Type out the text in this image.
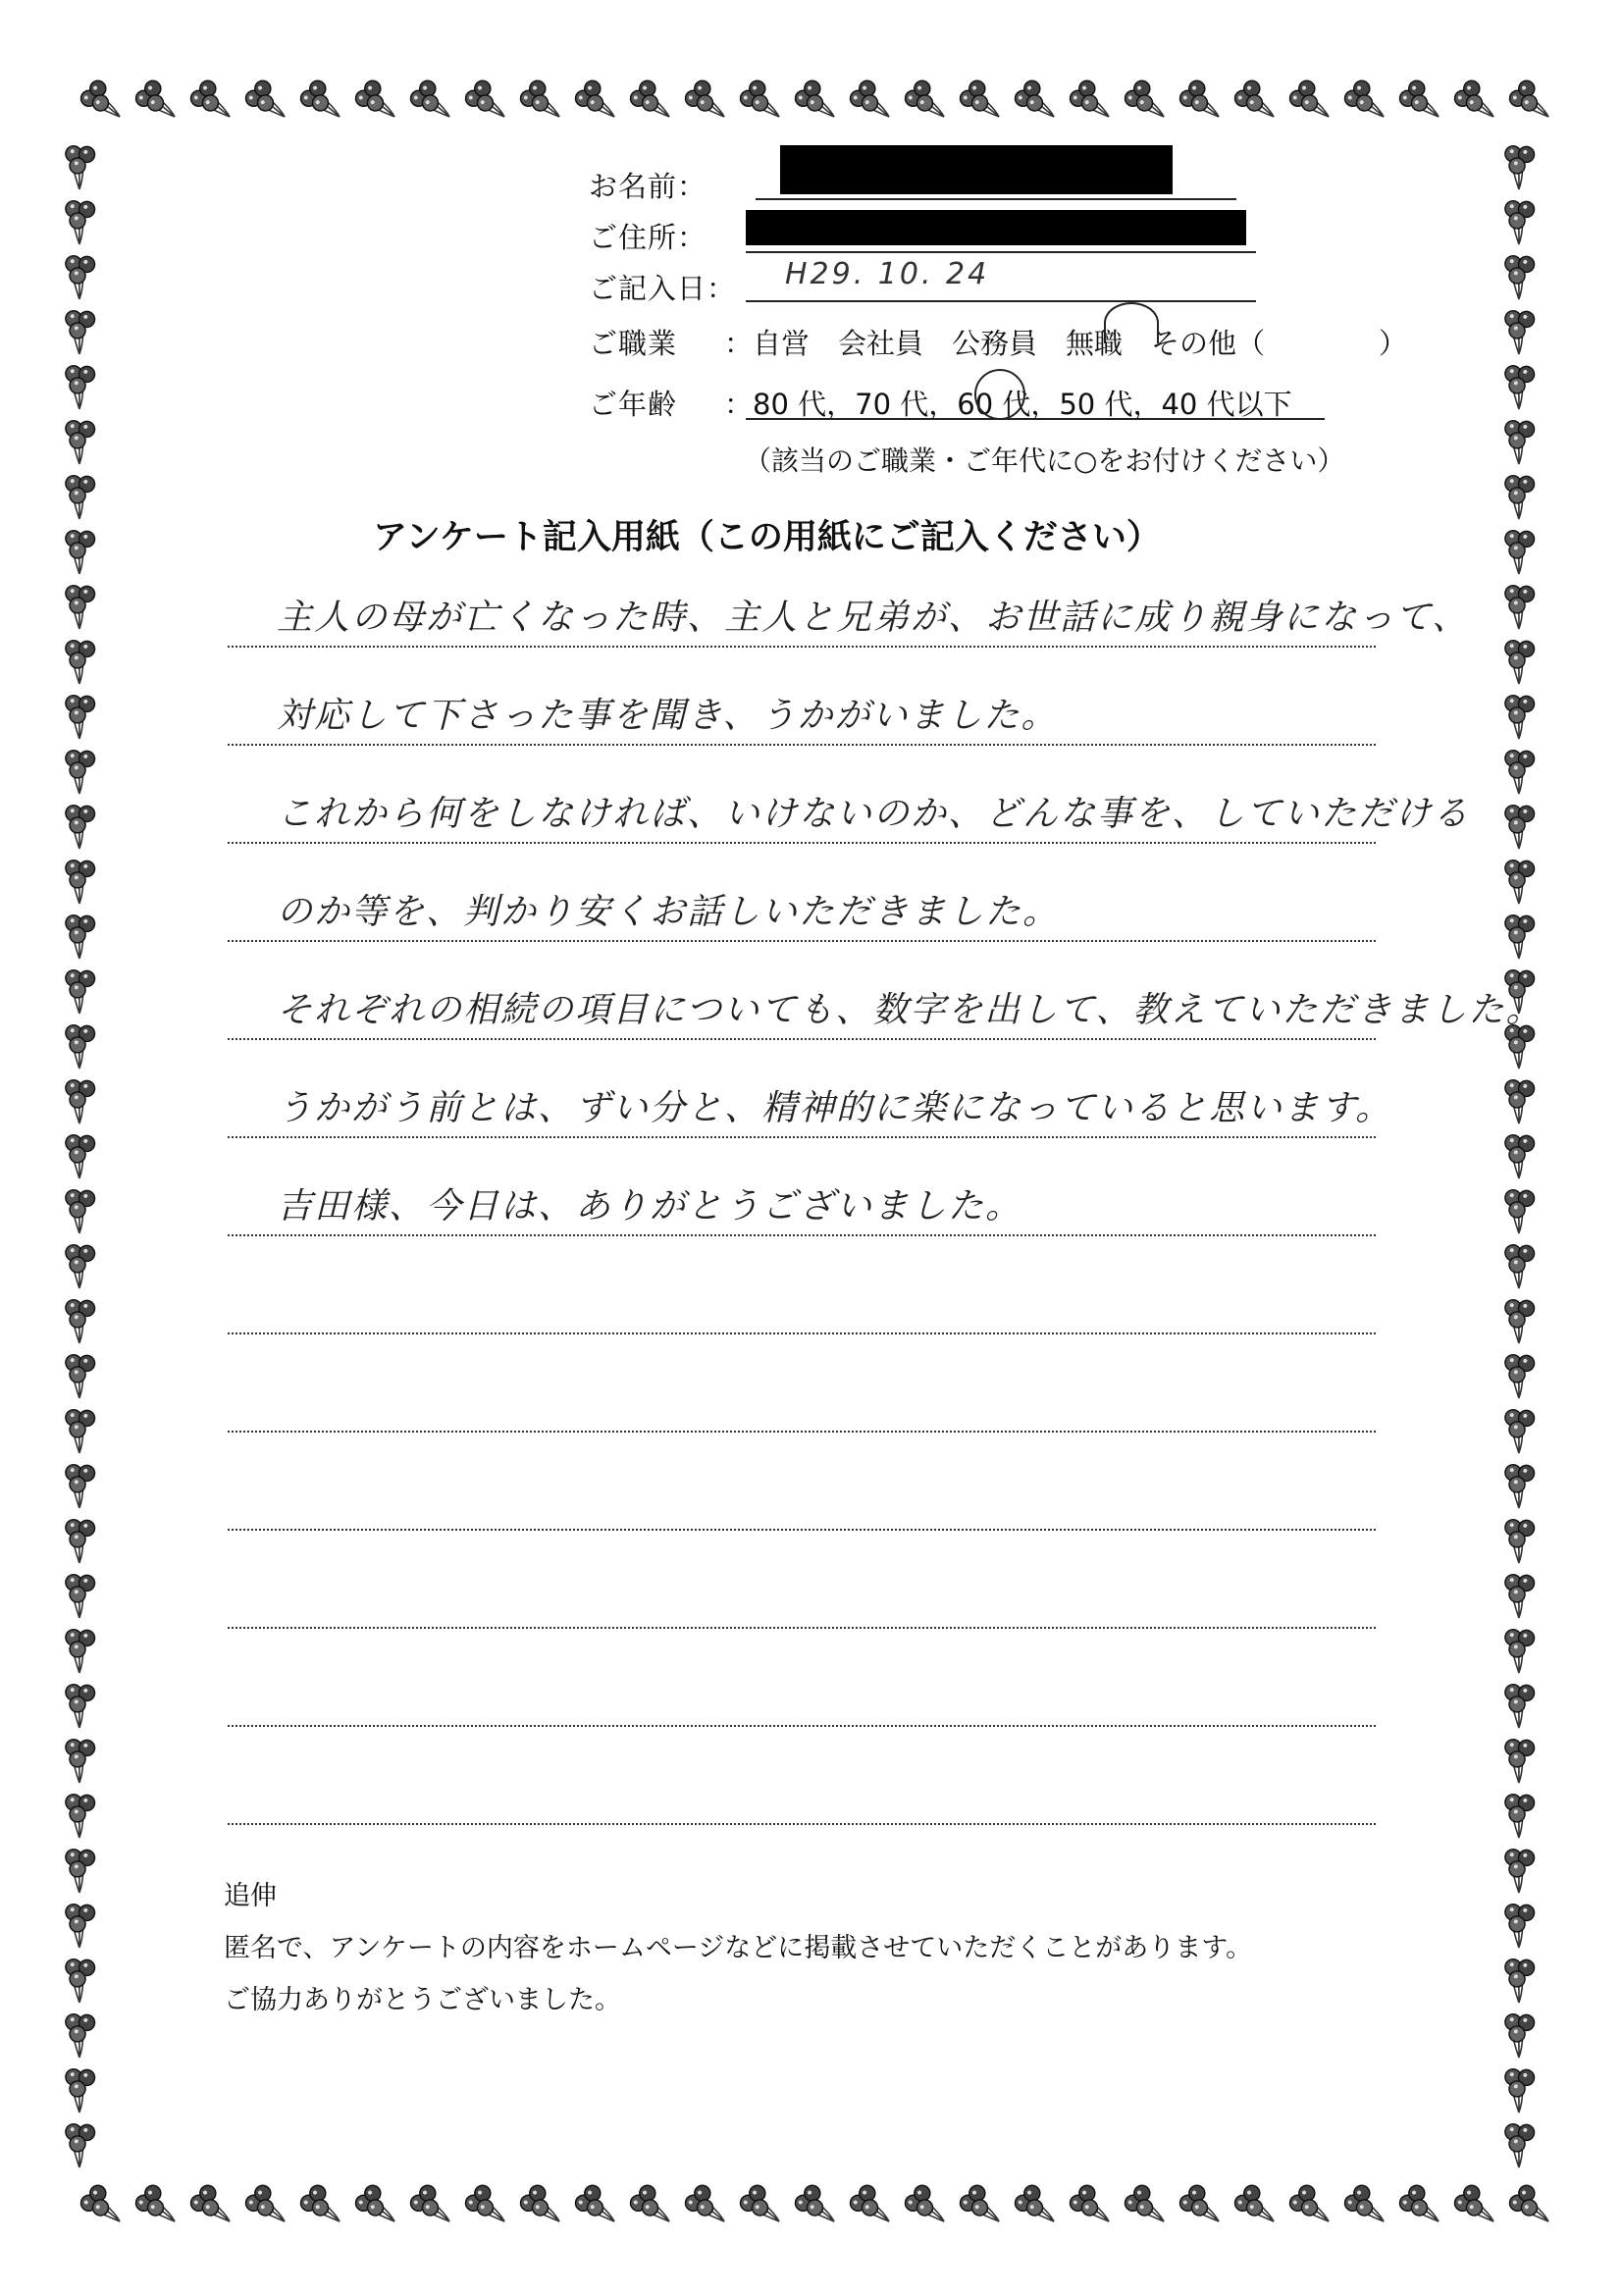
お名前：
ご住所：
ご記入日： H29. 10. 24
ご職業 ：自営　会社員　公務員　無職　その他（　　　　）
ご年齢 ：80 代，70 代，60 代，50 代，40 代以下
（該当のご職業・ご年代に○をお付けください）
アンケート記入用紙（この用紙にご記入ください）
主人の母が亡くなった時、主人と兄弟が、お世話に成り親身になって、
対応して下さった事を聞き、うかがいました。
これから何をしなければ、いけないのか、どんな事を、していただける
のか等を、判かり安くお話しいただきました。
それぞれの相続の項目についても、数字を出して、教えていただきました。
うかがう前とは、ずい分と、精神的に楽になっていると思います。
吉田様、今日は、ありがとうございました。
追伸
匿名で、アンケートの内容をホームページなどに掲載させていただくことがあります。
ご協力ありがとうございました。
